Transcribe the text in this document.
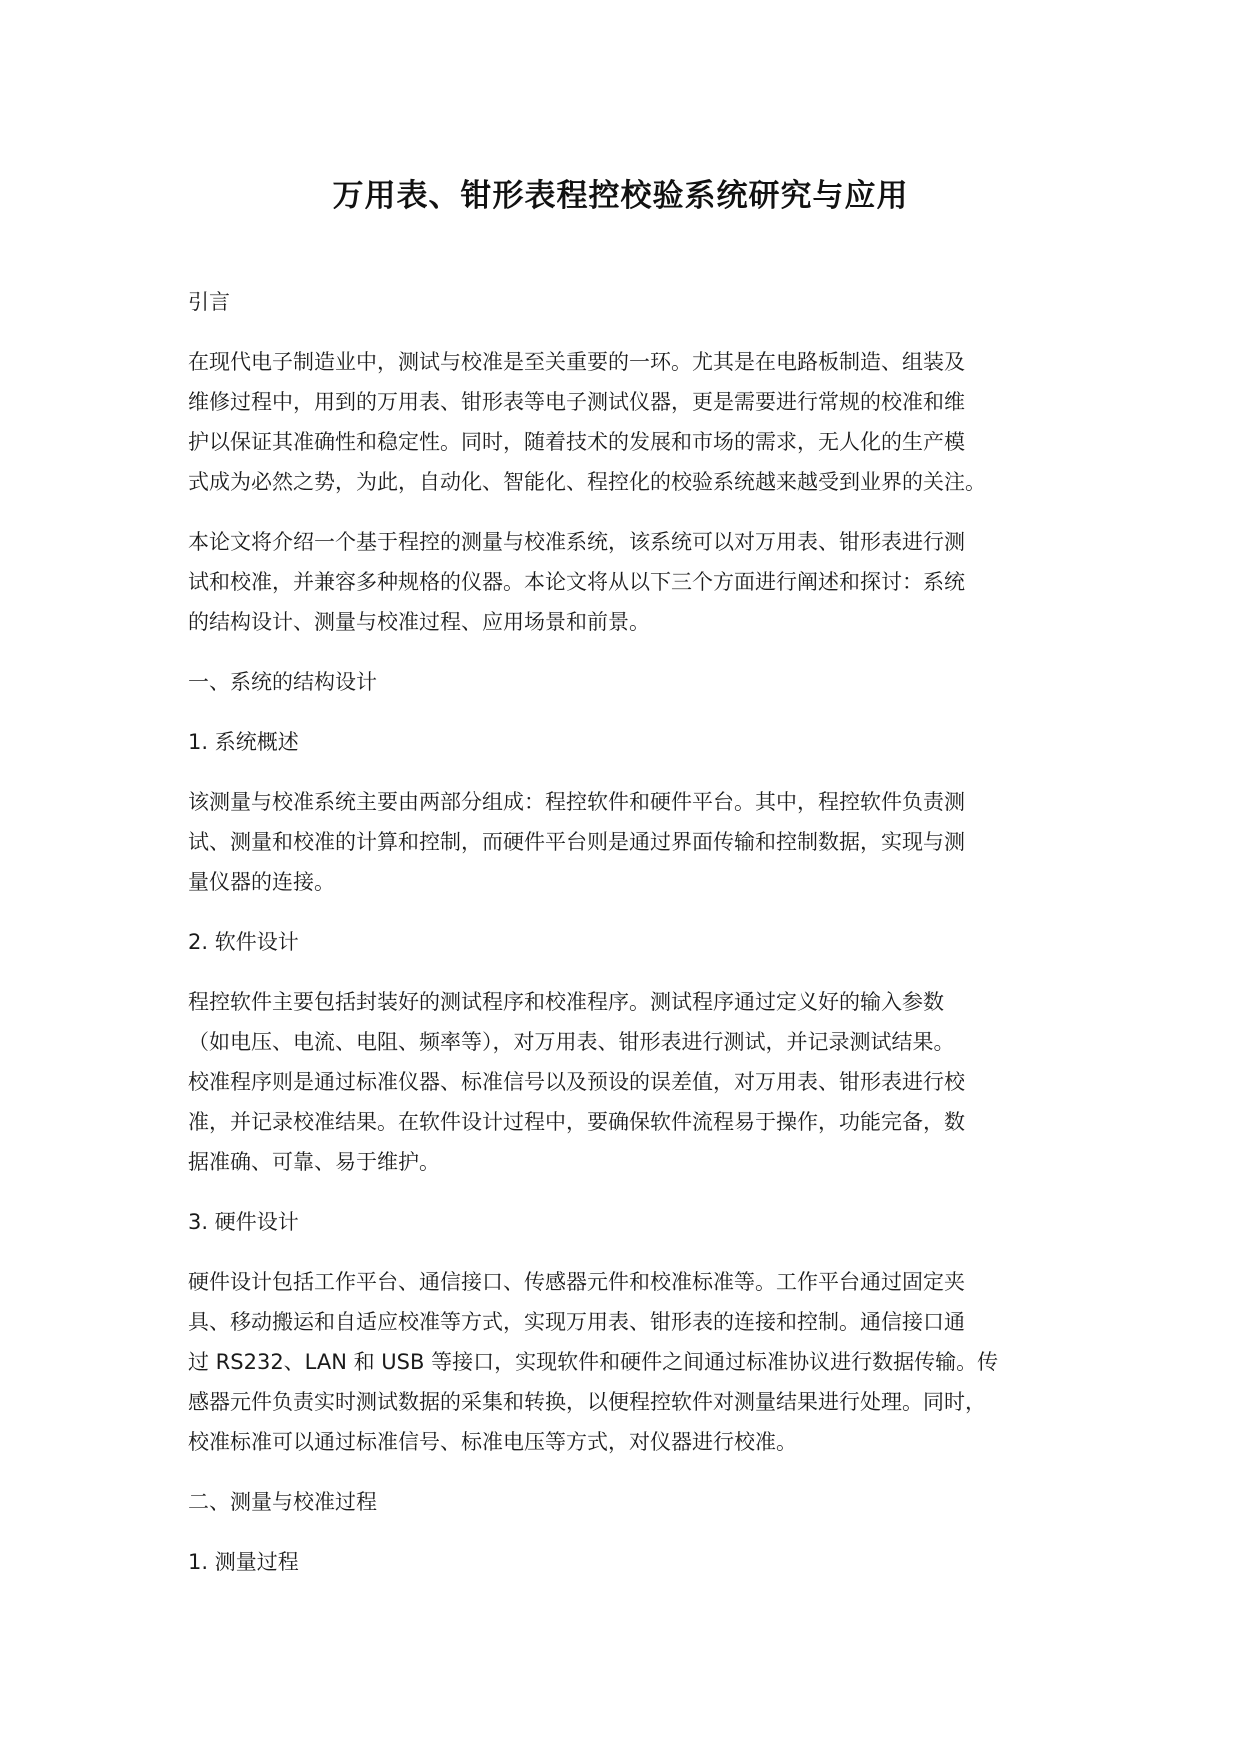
万用表、钳形表程控校验系统研究与应用
引言

在现代电子制造业中，测试与校准是至关重要的一环。尤其是在电路板制造、组装及
维修过程中，用到的万用表、钳形表等电子测试仪器，更是需要进行常规的校准和维
护以保证其准确性和稳定性。同时，随着技术的发展和市场的需求，无人化的生产模
式成为必然之势，为此，自动化、智能化、程控化的校验系统越来越受到业界的关注。

本论文将介绍一个基于程控的测量与校准系统，该系统可以对万用表、钳形表进行测
试和校准，并兼容多种规格的仪器。本论文将从以下三个方面进行阐述和探讨：系统
的结构设计、测量与校准过程、应用场景和前景。

一、系统的结构设计
1. 系统概述

该测量与校准系统主要由两部分组成：程控软件和硬件平台。其中，程控软件负责测
试、测量和校准的计算和控制，而硬件平台则是通过界面传输和控制数据，实现与测
量仪器的连接。

2. 软件设计

程控软件主要包括封装好的测试程序和校准程序。测试程序通过定义好的输入参数
（如电压、电流、电阻、频率等），对万用表、钳形表进行测试，并记录测试结果。
校准程序则是通过标准仪器、标准信号以及预设的误差值，对万用表、钳形表进行校
准，并记录校准结果。在软件设计过程中，要确保软件流程易于操作，功能完备，数
据准确、可靠、易于维护。

3. 硬件设计

硬件设计包括工作平台、通信接口、传感器元件和校准标准等。工作平台通过固定夹
具、移动搬运和自适应校准等方式，实现万用表、钳形表的连接和控制。通信接口通
过 RS232、LAN 和 USB 等接口，实现软件和硬件之间通过标准协议进行数据传输。传
感器元件负责实时测试数据的采集和转换，以便程控软件对测量结果进行处理。同时，
校准标准可以通过标准信号、标准电压等方式，对仪器进行校准。

二、测量与校准过程
1. 测量过程
